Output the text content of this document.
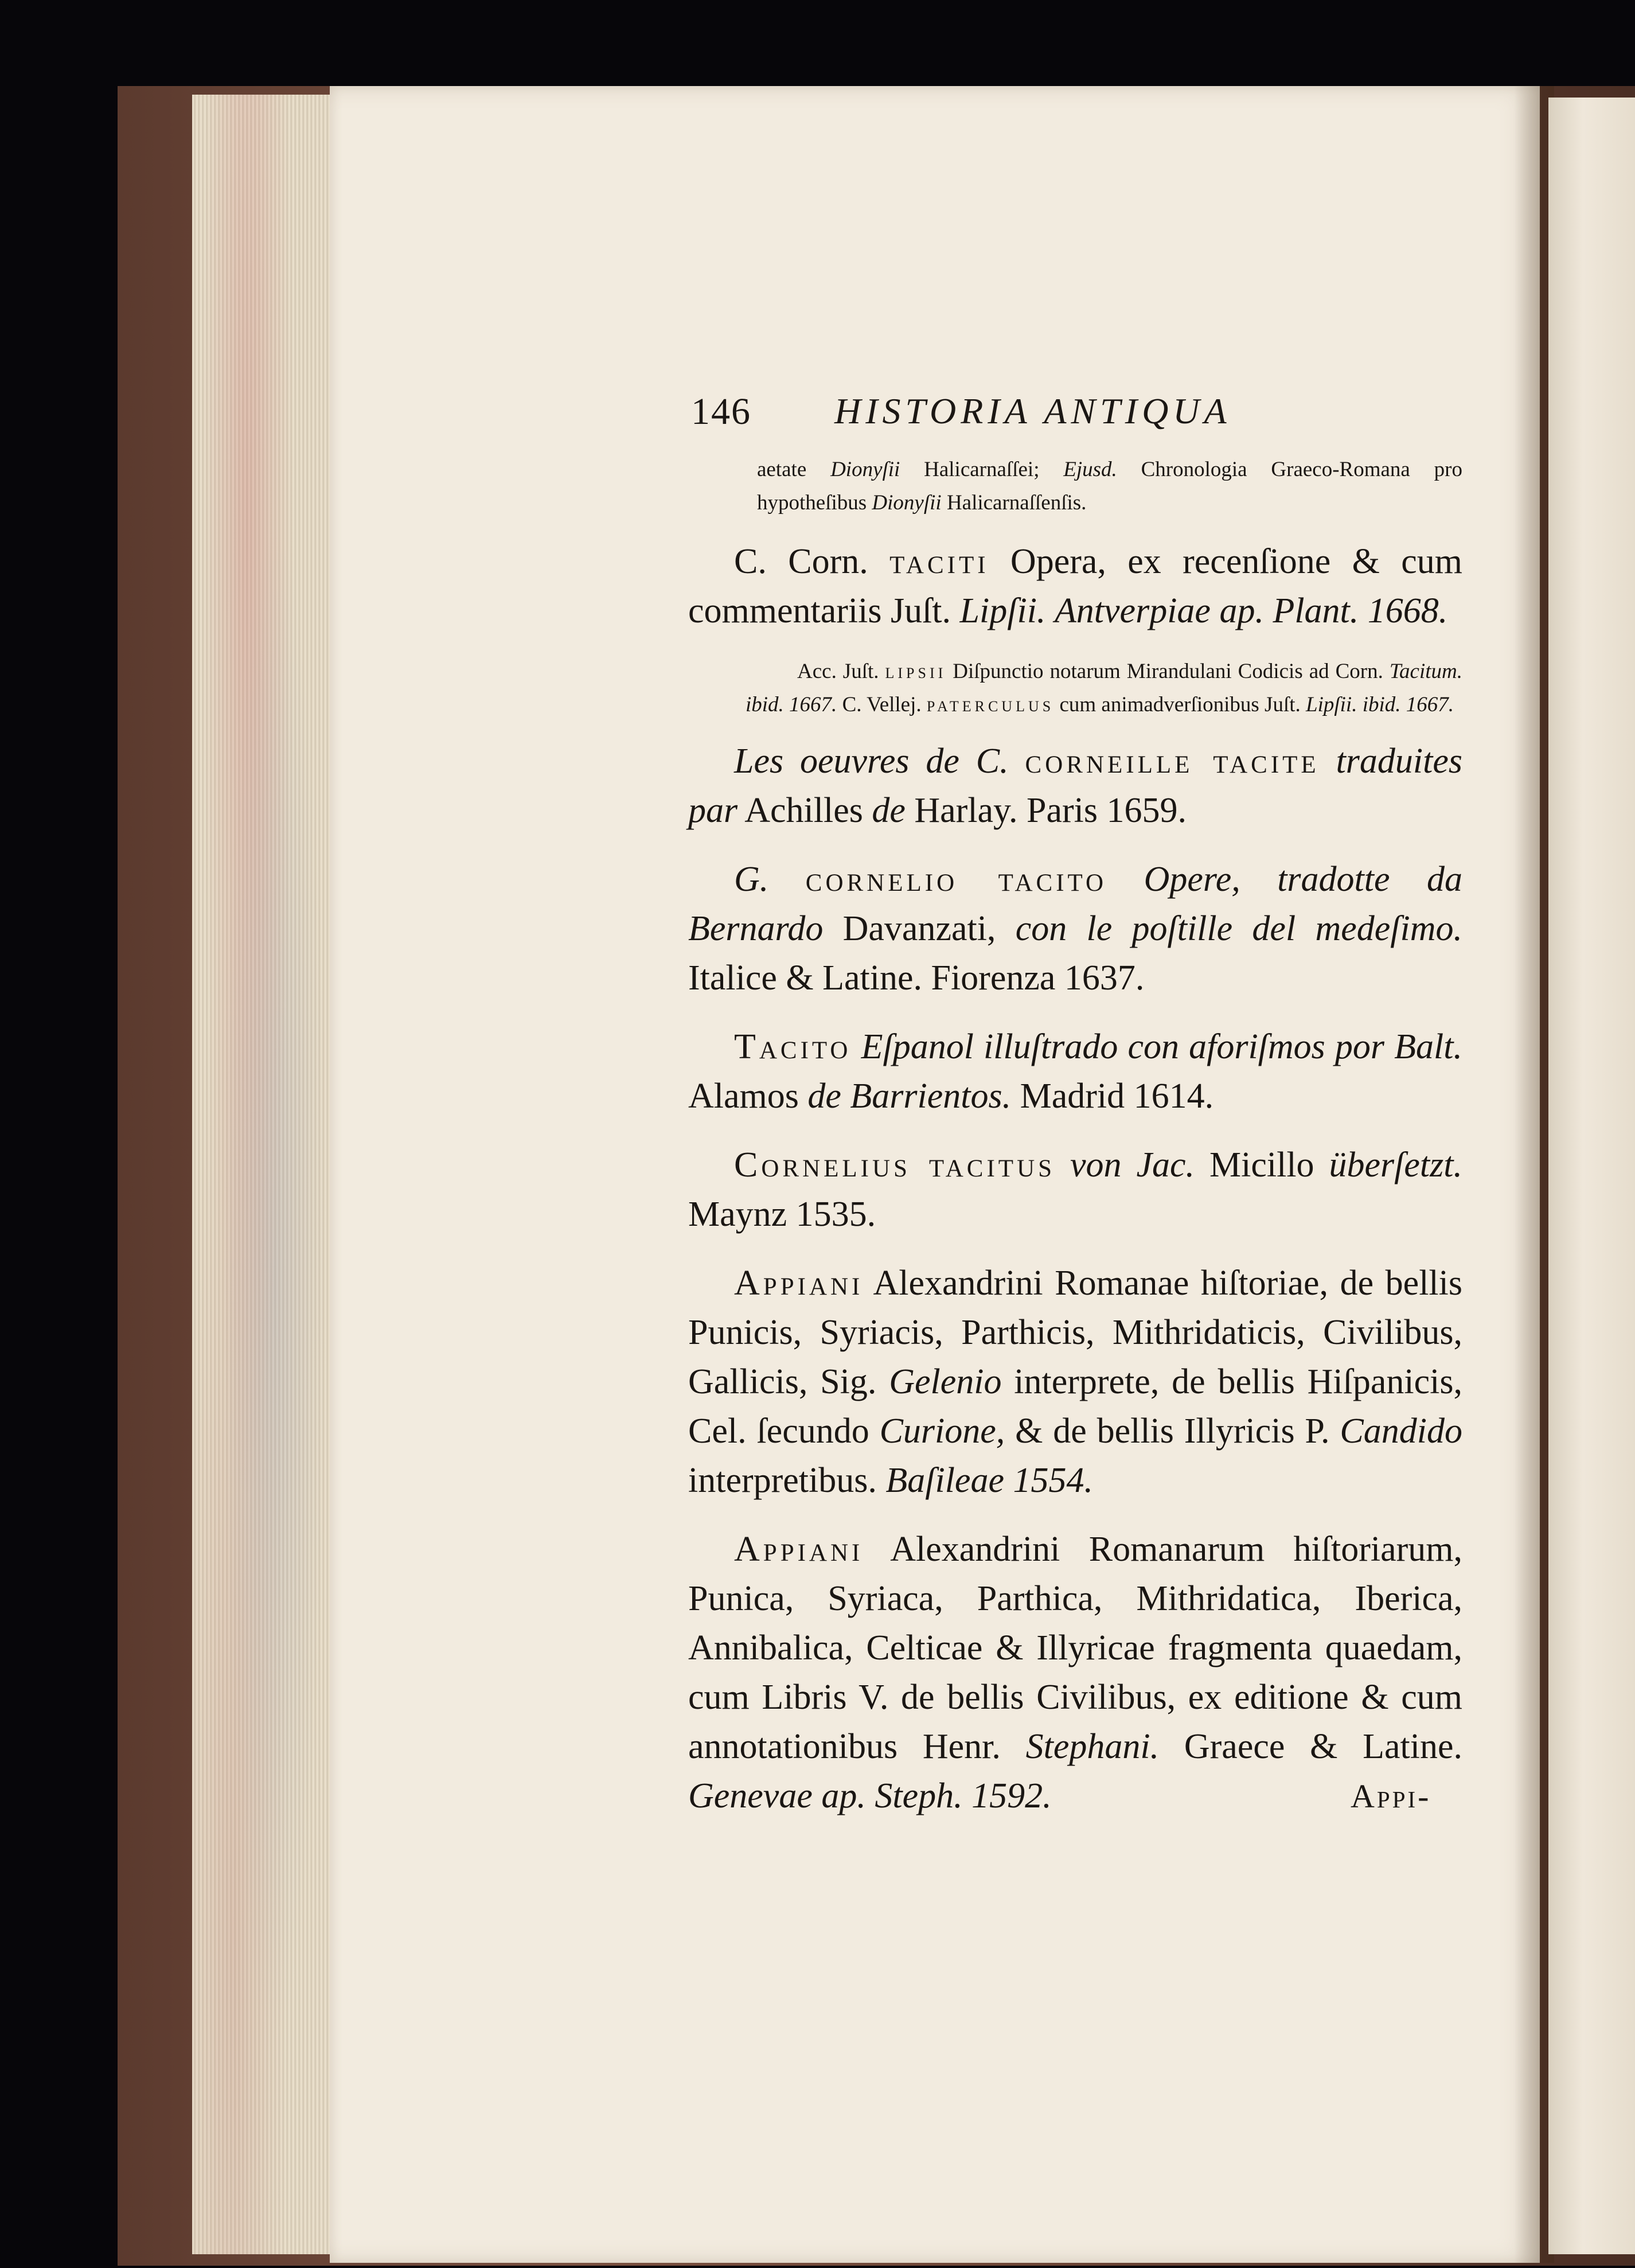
146 HISTORIA ANTIQUA

aetate Dionyſii Halicarnaſſei; Ejusd. Chronologia Graeco-Romana pro hypotheſibus Dionyſii Halicarnaſſenſis.

C. Corn. taciti Opera, ex recenſione & cum commentariis Juſt. Lipſii. Antverpiae ap. Plant. 1668.

Acc. Juſt. lipsii Diſpunctio notarum Mirandulani Codicis ad Corn. Tacitum. ibid. 1667. C. Vellej. paterculus cum animadverſionibus Juſt. Lipſii. ibid. 1667.

Les oeuvres de C. corneille tacite traduites par Achilles de Harlay. Paris 1659.

G. cornelio tacito Opere, tradotte da Bernardo Davanzati, con le poſtille del medeſimo. Italice & Latine. Fiorenza 1637.

Tacito Eſpanol illuſtrado con aforiſmos por Balt. Alamos de Barrientos. Madrid 1614.

Cornelius tacitus von Jac. Micillo überſetzt. Maynz 1535.

Appiani Alexandrini Romanae hiſtoriae, de bellis Punicis, Syriacis, Parthicis, Mithridaticis, Civilibus, Gallicis, Sig. Gelenio interprete, de bellis Hiſpanicis, Cel. ſecundo Curione, & de bellis Illyricis P. Candido interpretibus. Baſileae 1554.

Appiani Alexandrini Romanarum hiſtoriarum, Punica, Syriaca, Parthica, Mithridatica, Iberica, Annibalica, Celticae & Illyricae fragmenta quaedam, cum Libris V. de bellis Civilibus, ex editione & cum annotationibus Henr. Stephani. Graece & Latine. Genevae ap. Steph. 1592.	Appi-
